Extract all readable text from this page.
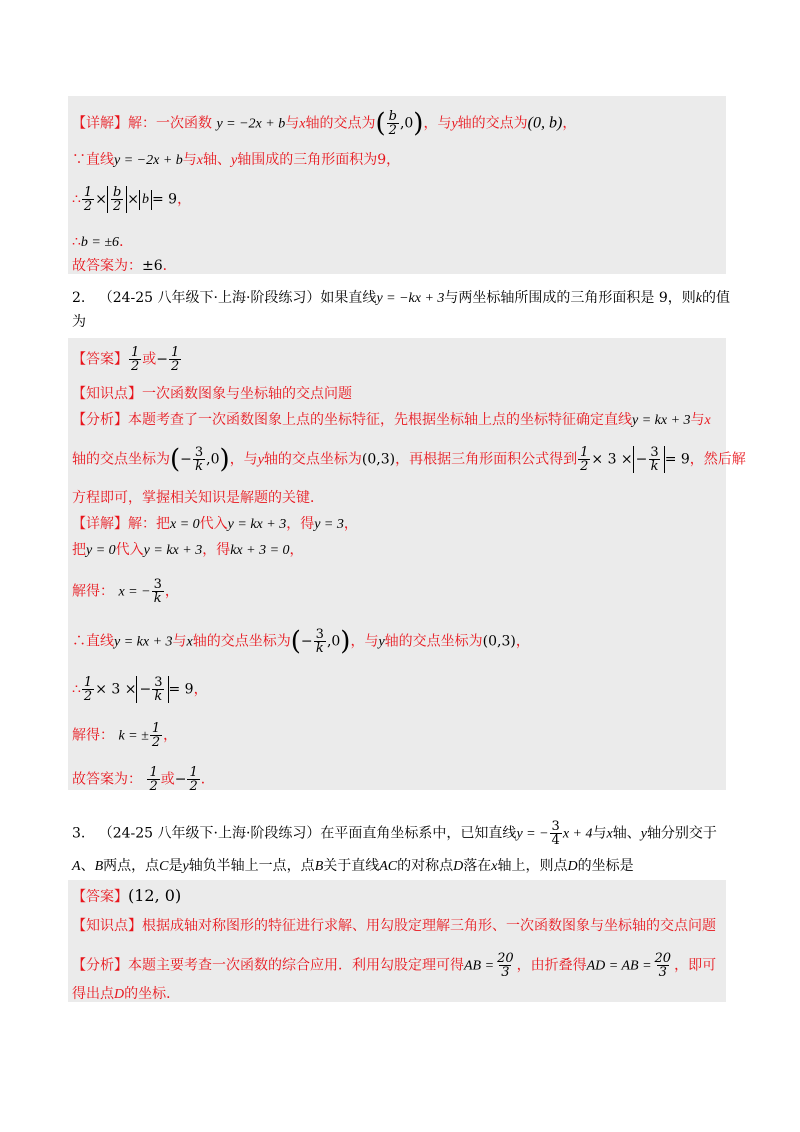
【详解】解：一次函数 y = −2x + b与x轴的交点为( $\frac{b}{2} ,0$)，与y轴的交点为(0, b)，
∵直线y = −2x + b与x轴、y轴围成的三角形面积为9，
∴ $\frac{1}{2} \times \frac{b}{2} \times b = 9$，
∴b = ±6．
故答案为：±6．
2. （24-25 八年级下·上海·阶段练习）如果直线y = −kx + 3与两坐标轴所围成的三角形面积是 9，则k的值
为
【答案】 $\frac{1}{2}$ 或− $\frac{1}{2}$
【知识点】一次函数图象与坐标轴的交点问题
【分析】本题考查了一次函数图象上点的坐标特征，先根据坐标轴上点的坐标特征确定直线y = kx + 3与x
轴的交点坐标为(− $\frac{3}{k} ,0$)，与y轴的交点坐标为(0,3)，再根据三角形面积公式得到 $\frac{1}{2} \times 3$ × − $\frac{3}{k} = 9$，然后解
方程即可，掌握相关知识是解题的关键．
【详解】解：把x = 0代入y = kx + 3，得y = 3，
把y = 0代入y = kx + 3，得kx + 3 = 0，
解得： x = − $\frac{3}{k}$ ，
∴直线y = kx + 3与x轴的交点坐标为(− $\frac{3}{k} ,0$)，与y轴的交点坐标为(0,3)，
∴ $\frac{1}{2} \times 3$ × − $\frac{3}{k} = 9$，
解得： k = ± $\frac{1}{2}$ ，
故答案为： $\frac{1}{2}$ 或− $\frac{1}{2}$ ．
3. （24-25 八年级下·上海·阶段练习）在平面直角坐标系中，已知直线y = − $\frac{3}{4}$ x + 4与x轴、y轴分别交于
A、B两点，点C是y轴负半轴上一点，点B关于直线AC的对称点D落在x轴上，则点D的坐标是
【答案】(12, 0)
【知识点】根据成轴对称图形的特征进行求解、用勾股定理解三角形、一次函数图象与坐标轴的交点问题
【分析】本题主要考查一次函数的综合应用．利用勾股定理可得AB = $\frac{20}{3}$ ，由折叠得AD = AB = $\frac{20}{3}$ ，即可
得出点D的坐标．
